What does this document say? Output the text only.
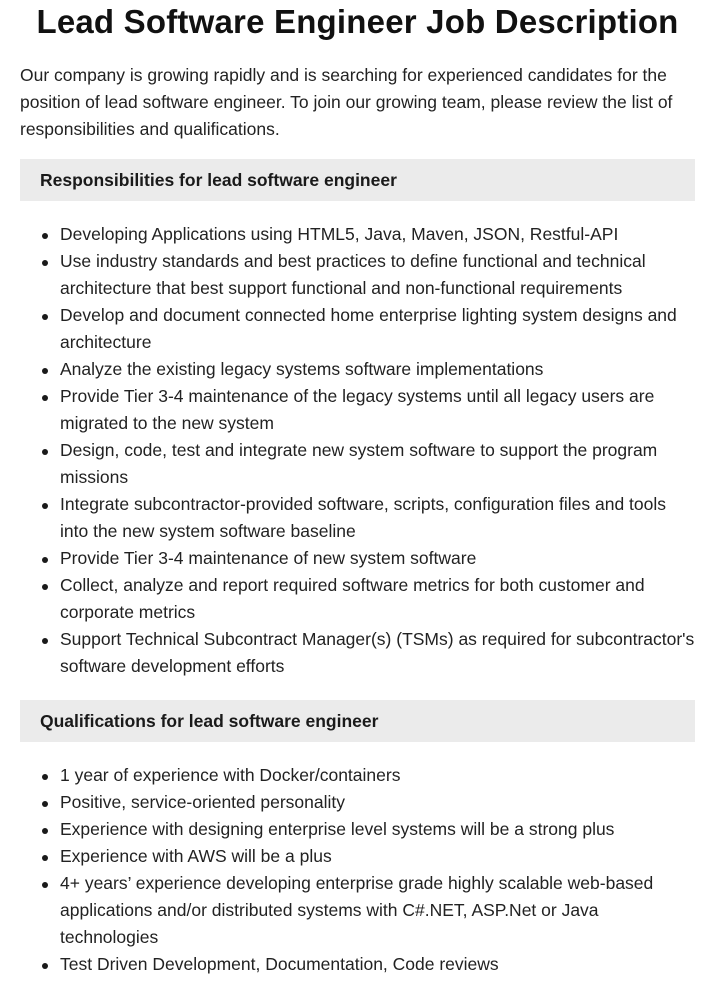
Lead Software Engineer Job Description

Our company is growing rapidly and is searching for experienced candidates for the position of lead software engineer. To join our growing team, please review the list of responsibilities and qualifications.

Responsibilities for lead software engineer
Developing Applications using HTML5, Java, Maven, JSON, Restful-API
Use industry standards and best practices to define functional and technical architecture that best support functional and non-functional requirements
Develop and document connected home enterprise lighting system designs and architecture
Analyze the existing legacy systems software implementations
Provide Tier 3-4 maintenance of the legacy systems until all legacy users are migrated to the new system
Design, code, test and integrate new system software to support the program missions
Integrate subcontractor-provided software, scripts, configuration files and tools into the new system software baseline
Provide Tier 3-4 maintenance of new system software
Collect, analyze and report required software metrics for both customer and corporate metrics
Support Technical Subcontract Manager(s) (TSMs) as required for subcontractor's software development efforts
Qualifications for lead software engineer
1 year of experience with Docker/containers
Positive, service-oriented personality
Experience with designing enterprise level systems will be a strong plus
Experience with AWS will be a plus
4+ years’ experience developing enterprise grade highly scalable web-based applications and/or distributed systems with C#.NET, ASP.Net or Java technologies
Test Driven Development, Documentation, Code reviews
